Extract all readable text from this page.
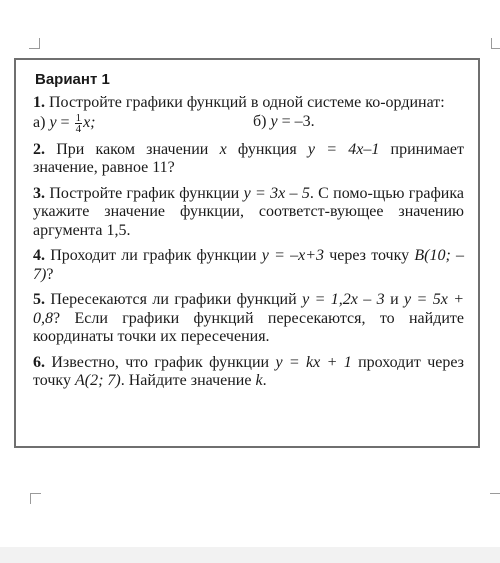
Вариант 1
1. Постройте графики функций в одной системе ко-ординат:
а) $y = \frac{1}{4} x$;	б) y = –3.
2. При каком значении x функция y = 4x–1 принимает значение, равное 11?
3. Постройте график функции y = 3x – 5. С помо-щью графика укажите значение функции, соответст-вующее значению аргумента 1,5.
4. Проходит ли график функции y = –x+3 через точку B(10; –7)?
5. Пересекаются ли графики функций y = 1,2x – 3 и y = 5x + 0,8? Если графики функций пересекаются, то найдите координаты точки их пересечения.
6. Известно, что график функции y = kx + 1 проходит через точку A(2; 7). Найдите значение k.
